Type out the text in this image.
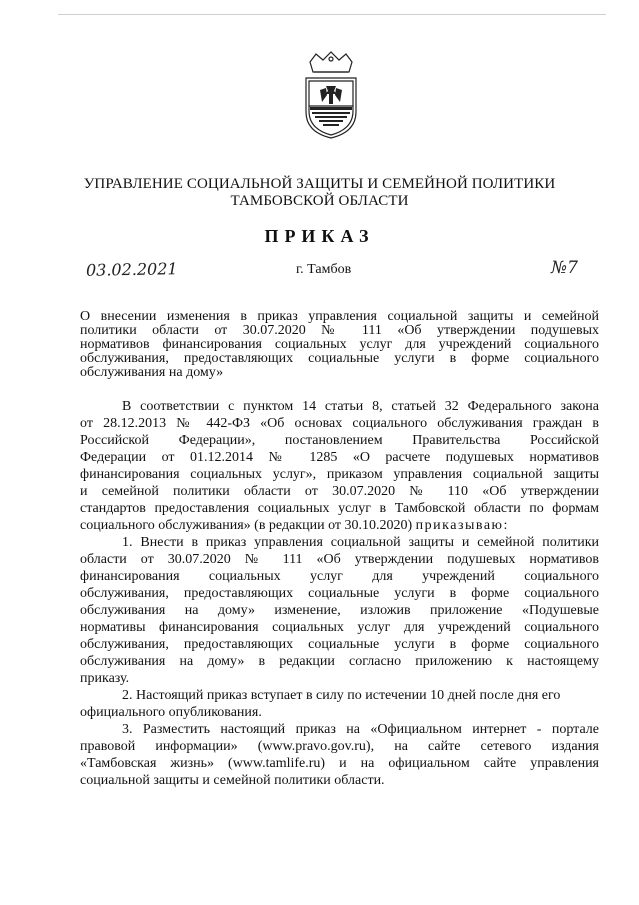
УПРАВЛЕНИЕ СОЦИАЛЬНОЙ ЗАЩИТЫ И СЕМЕЙНОЙ ПОЛИТИКИ
ТАМБОВСКОЙ ОБЛАСТИ
ПРИКАЗ
03.02.2021	г. Тамбов	№7
О внесении изменения в приказ управления социальной защиты и семейной
политики области от 30.07.2020 № 111 «Об утверждении подушевых
нормативов финансирования социальных услуг для учреждений социального
обслуживания, предоставляющих социальные услуги в форме социального
обслуживания на дому»
В соответствии с пунктом 14 статьи 8, статьей 32 Федерального закона
от 28.12.2013 № 442-ФЗ «Об основах социального обслуживания граждан в
Российской Федерации», постановлением Правительства Российской
Федерации от 01.12.2014 № 1285 «О расчете подушевых нормативов
финансирования социальных услуг», приказом управления социальной защиты
и семейной политики области от 30.07.2020 № 110 «Об утверждении
стандартов предоставления социальных услуг в Тамбовской области по формам
социального обслуживания» (в редакции от 30.10.2020) приказываю:
1. Внести в приказ управления социальной защиты и семейной политики
области от 30.07.2020 № 111 «Об утверждении подушевых нормативов
финансирования социальных услуг для учреждений социального
обслуживания, предоставляющих социальные услуги в форме социального
обслуживания на дому» изменение, изложив приложение «Подушевые
нормативы финансирования социальных услуг для учреждений социального
обслуживания, предоставляющих социальные услуги в форме социального
обслуживания на дому» в редакции согласно приложению к настоящему
приказу.
2. Настоящий приказ вступает в силу по истечении 10 дней после дня его
официального опубликования.
3. Разместить настоящий приказ на «Официальном интернет - портале
правовой информации» (www.pravo.gov.ru), на сайте сетевого издания
«Тамбовская жизнь» (www.tamlife.ru) и на официальном сайте управления
социальной защиты и семейной политики области.
